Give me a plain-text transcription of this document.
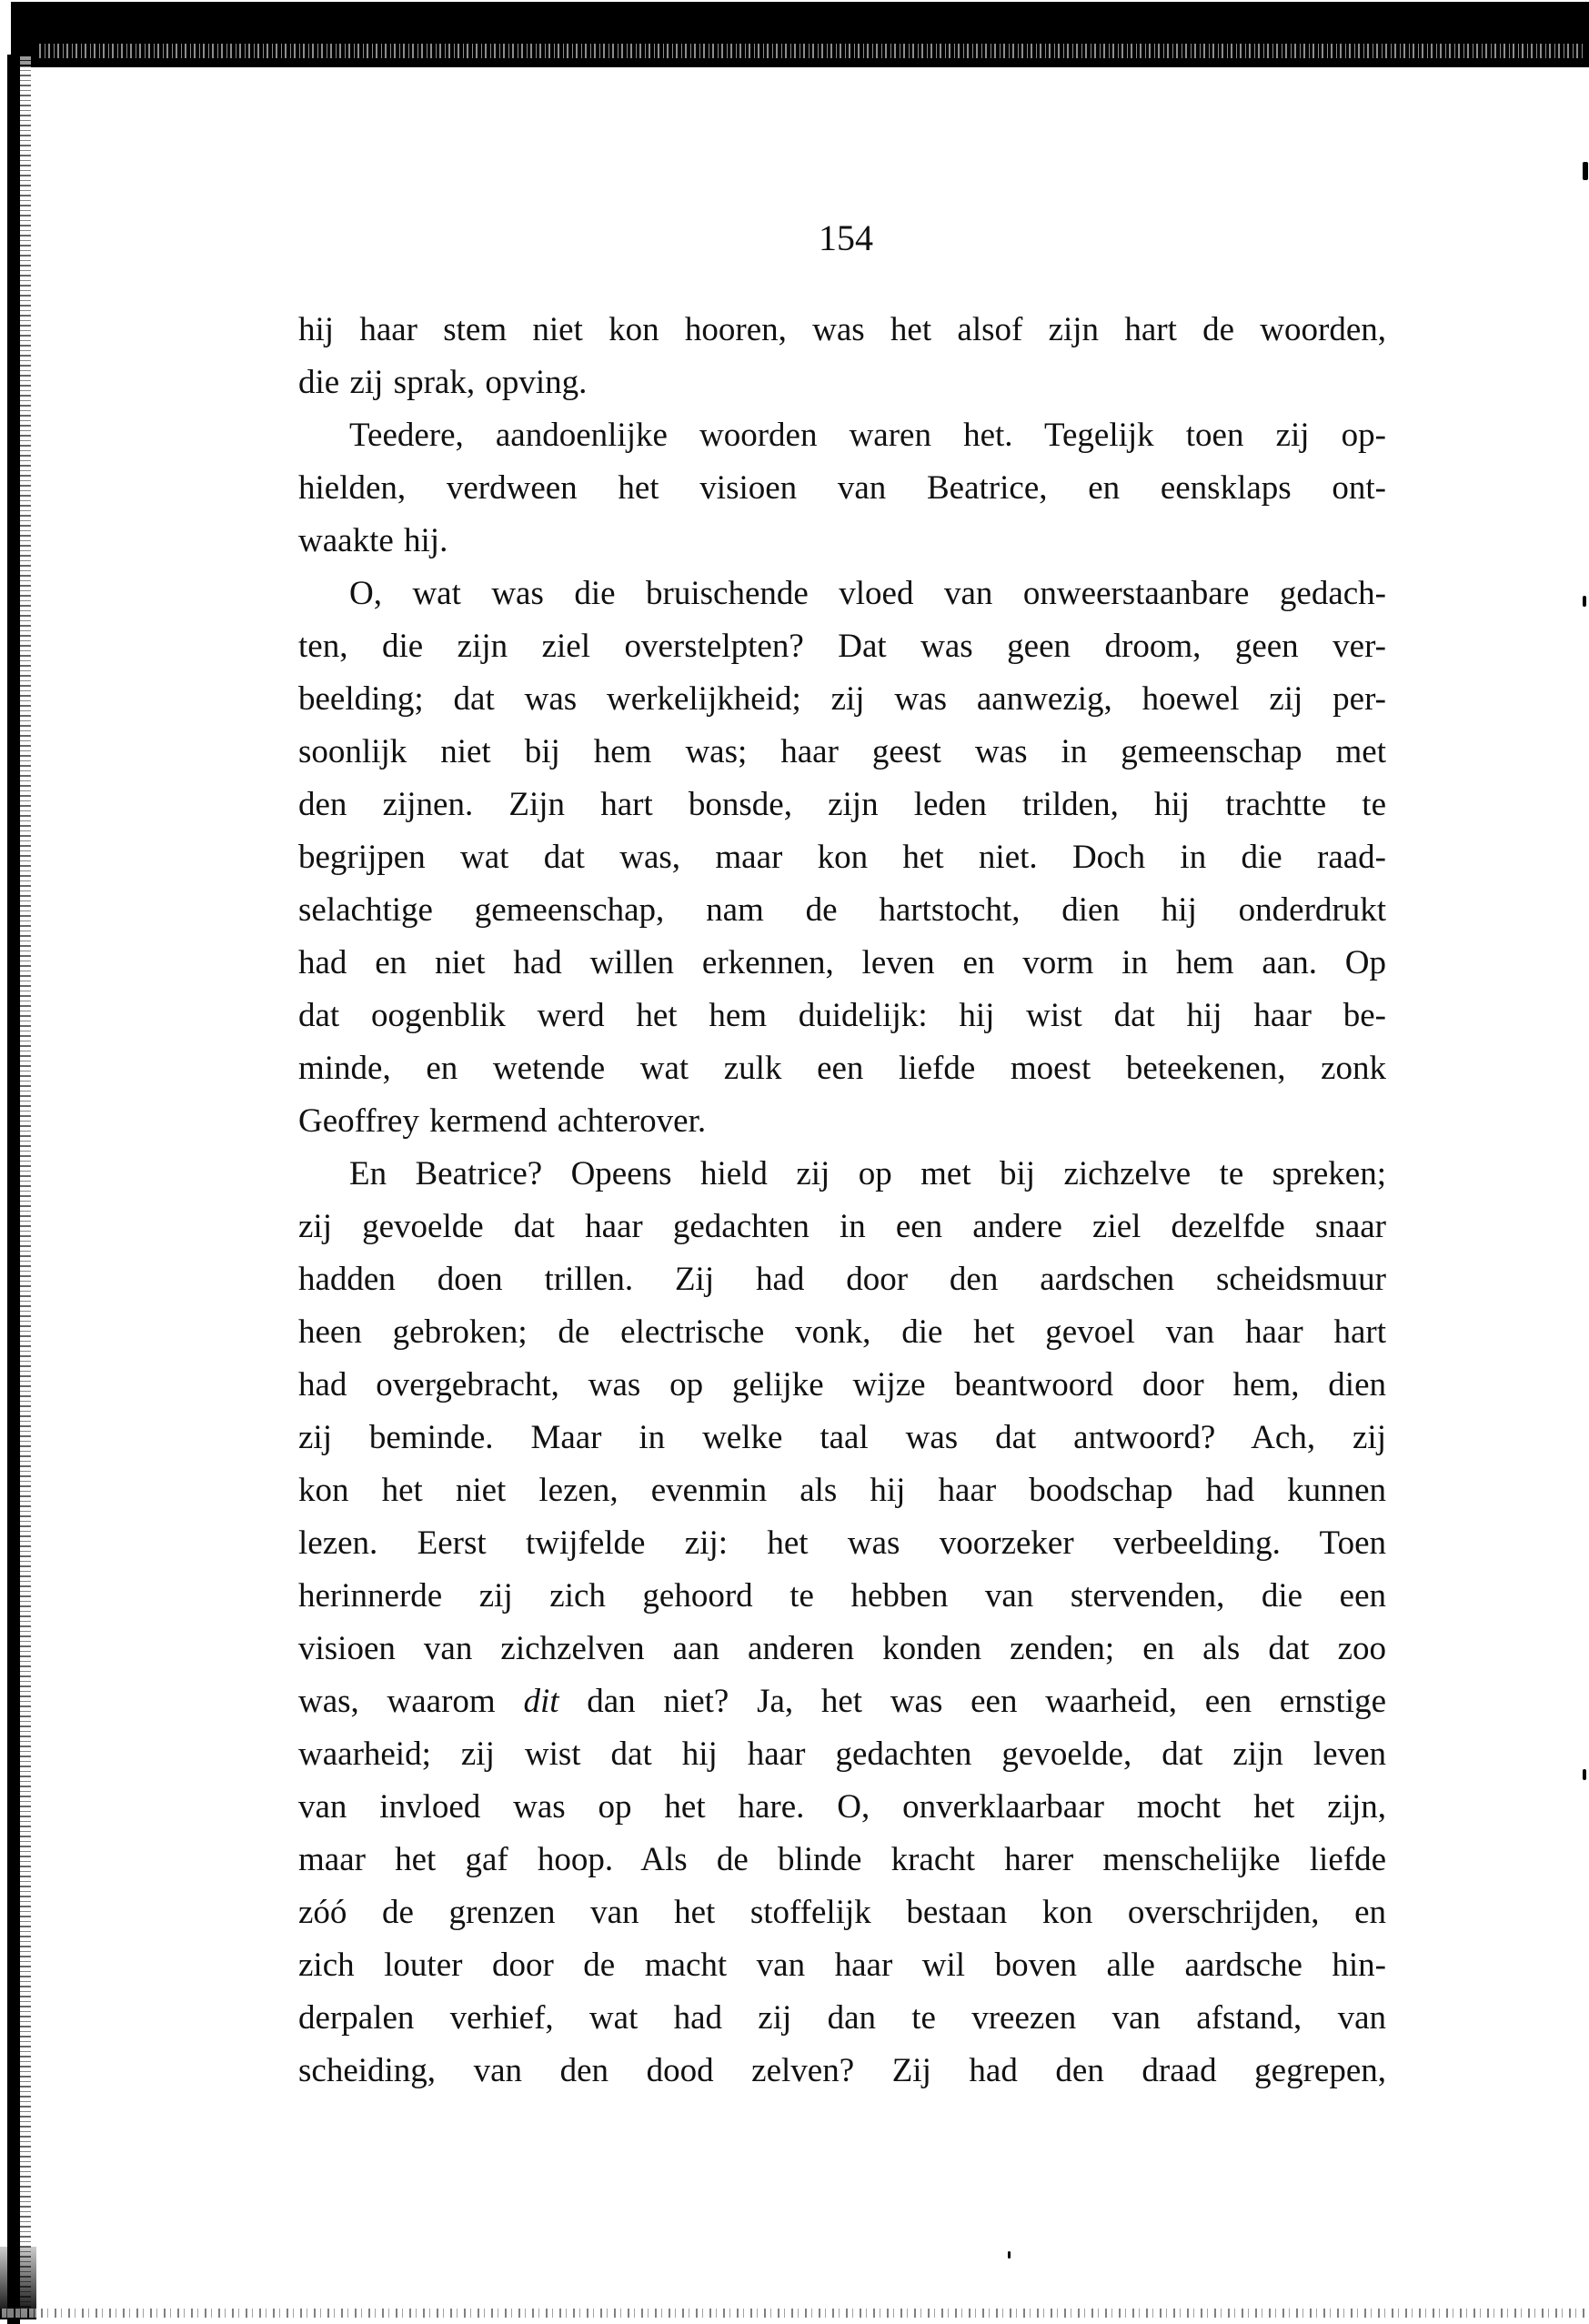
154
hij haar stem niet kon hooren, was het alsof zijn hart de woorden,
die zij sprak, opving.
Teedere, aandoenlijke woorden waren het. Tegelijk toen zij op-
hielden, verdween het visioen van Beatrice, en eensklaps ont-
waakte hij.
O, wat was die bruischende vloed van onweerstaanbare gedach-
ten, die zijn ziel overstelpten? Dat was geen droom, geen ver-
beelding; dat was werkelijkheid; zij was aanwezig, hoewel zij per-
soonlijk niet bij hem was; haar geest was in gemeenschap met
den zijnen. Zijn hart bonsde, zijn leden trilden, hij trachtte te
begrijpen wat dat was, maar kon het niet. Doch in die raad-
selachtige gemeenschap, nam de hartstocht, dien hij onderdrukt
had en niet had willen erkennen, leven en vorm in hem aan. Op
dat oogenblik werd het hem duidelijk: hij wist dat hij haar be-
minde, en wetende wat zulk een liefde moest beteekenen, zonk
Geoffrey kermend achterover.
En Beatrice? Opeens hield zij op met bij zichzelve te spreken;
zij gevoelde dat haar gedachten in een andere ziel dezelfde snaar
hadden doen trillen. Zij had door den aardschen scheidsmuur
heen gebroken; de electrische vonk, die het gevoel van haar hart
had overgebracht, was op gelijke wijze beantwoord door hem, dien
zij beminde. Maar in welke taal was dat antwoord? Ach, zij
kon het niet lezen, evenmin als hij haar boodschap had kunnen
lezen. Eerst twijfelde zij: het was voorzeker verbeelding. Toen
herinnerde zij zich gehoord te hebben van stervenden, die een
visioen van zichzelven aan anderen konden zenden; en als dat zoo
was, waarom dit dan niet? Ja, het was een waarheid, een ernstige
waarheid; zij wist dat hij haar gedachten gevoelde, dat zijn leven
van invloed was op het hare. O, onverklaarbaar mocht het zijn,
maar het gaf hoop. Als de blinde kracht harer menschelijke liefde
zóó de grenzen van het stoffelijk bestaan kon overschrijden, en
zich louter door de macht van haar wil boven alle aardsche hin-
derpalen verhief, wat had zij dan te vreezen van afstand, van
scheiding, van den dood zelven? Zij had den draad gegrepen,
